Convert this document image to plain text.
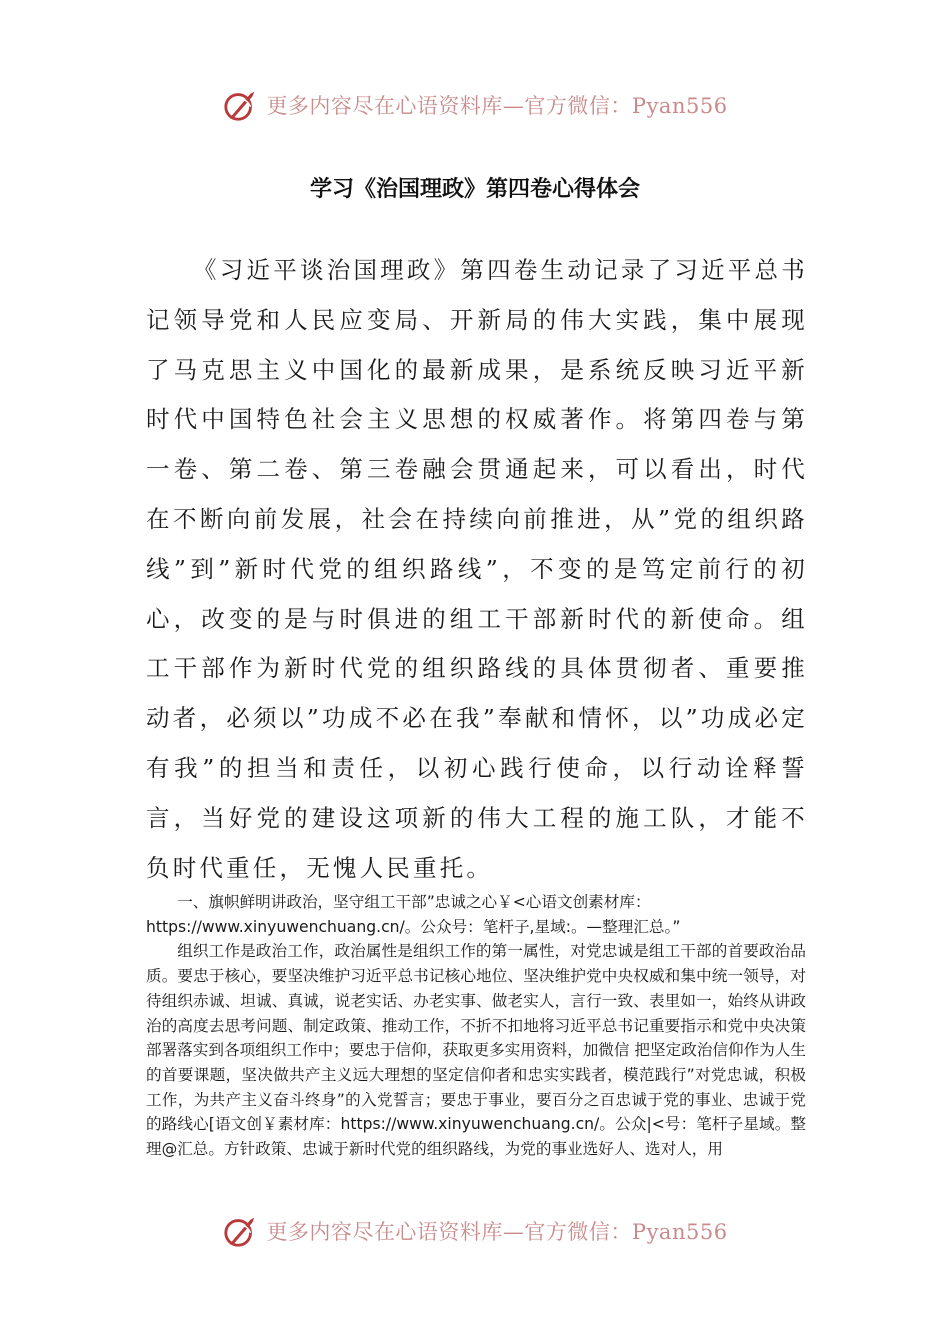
更多内容尽在心语资料库—官方微信：Pyan556
学习《治国理政》第四卷心得体会

《习近平谈治国理政》第四卷生动记录了习近平总书记领导党和人民应变局、开新局的伟大实践，集中展现了马克思主义中国化的最新成果，是系统反映习近平新时代中国特色社会主义思想的权威著作。将第四卷与第一卷、第二卷、第三卷融会贯通起来，可以看出，时代在不断向前发展，社会在持续向前推进，从”党的组织路线”到”新时代党的组织路线”，不变的是笃定前行的初心，改变的是与时俱进的组工干部新时代的新使命。组工干部作为新时代党的组织路线的具体贯彻者、重要推动者，必须以”功成不必在我”奉献和情怀，以”功成必定有我”的担当和责任，以初心践行使命，以行动诠释誓言，当好党的建设这项新的伟大工程的施工队，才能不负时代重任，无愧人民重托。

一、旗帜鲜明讲政治，坚守组工干部”忠诚之心￥<心语文创素材库：https://www.xinyuwenchuang.cn/。公众号：笔杆子,星域:。—整理汇总。”

组织工作是政治工作，政治属性是组织工作的第一属性，对党忠诚是组工干部的首要政治品质。要忠于核心，要坚决维护习近平总书记核心地位、坚决维护党中央权威和集中统一领导，对待组织赤诚、坦诚、真诚，说老实话、办老实事、做老实人，言行一致、表里如一，始终从讲政治的高度去思考问题、制定政策、推动工作，不折不扣地将习近平总书记重要指示和党中央决策部署落实到各项组织工作中；要忠于信仰，获取更多实用资料，加微信 把坚定政治信仰作为人生的首要课题，坚决做共产主义远大理想的坚定信仰者和忠实实践者，模范践行”对党忠诚，积极工作，为共产主义奋斗终身”的入党誓言；要忠于事业，要百分之百忠诚于党的事业、忠诚于党的路线心[语文创￥素材库：https://www.xinyuwenchuang.cn/。公众|<号：笔杆子星域。整理@汇总。方针政策、忠诚于新时代党的组织路线，为党的事业选好人、选对人，用

更多内容尽在心语资料库—官方微信：Pyan556
